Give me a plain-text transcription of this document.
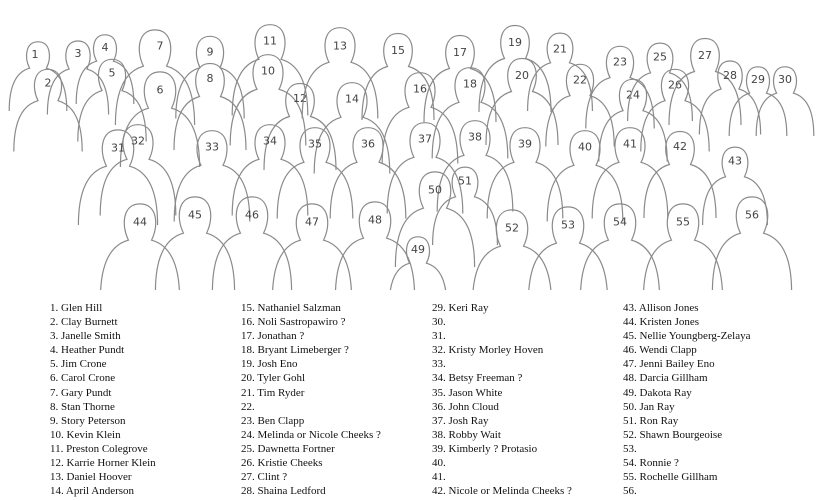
1
2
3 4
5
6
7
8
9
10
11
12
13
14
15
16
17
18
19
20
21
22
23
24
25
26
27
28 29 30
31
32	33	34	35	36	37	38
39	40	41	42
43
44
45	46
47	48
49
50
51
52	53	54	55
56
1. Glen Hill
2. Clay Burnett
3. Janelle Smith
4. Heather Pundt
5. Jim Crone
6. Carol Crone
7. Gary Pundt
8. Stan Thorne
9. Story Peterson
10. Kevin Klein
11. Preston Colegrove
12. Karrie Horner Klein
13. Daniel Hoover
14. April Anderson
15. Nathaniel Salzman
16. Noli Sastropawiro ?
17. Jonathan ?
18. Bryant Limeberger ?
19. Josh Eno
20. Tyler Gohl
21. Tim Ryder
22.
23. Ben Clapp
24. Melinda or Nicole Cheeks ?
25. Dawnetta Fortner
26. Kristie Cheeks
27. Clint ?
28. Shaina Ledford
29. Keri Ray
30.
31.
32. Kristy Morley Hoven
33.
34. Betsy Freeman ?
35. Jason White
36. John Cloud
37. Josh Ray
38. Robby Wait
39. Kimberly ? Protasio
40.
41.
42. Nicole or Melinda Cheeks ?
43. Allison Jones
44. Kristen Jones
45. Nellie Youngberg-Zelaya
46. Wendi Clapp
47. Jenni Bailey Eno
48. Darcia Gillham
49. Dakota Ray
50. Jan Ray
51. Ron Ray
52. Shawn Bourgeoise
53.
54. Ronnie ?
55. Rochelle Gillham
56.
